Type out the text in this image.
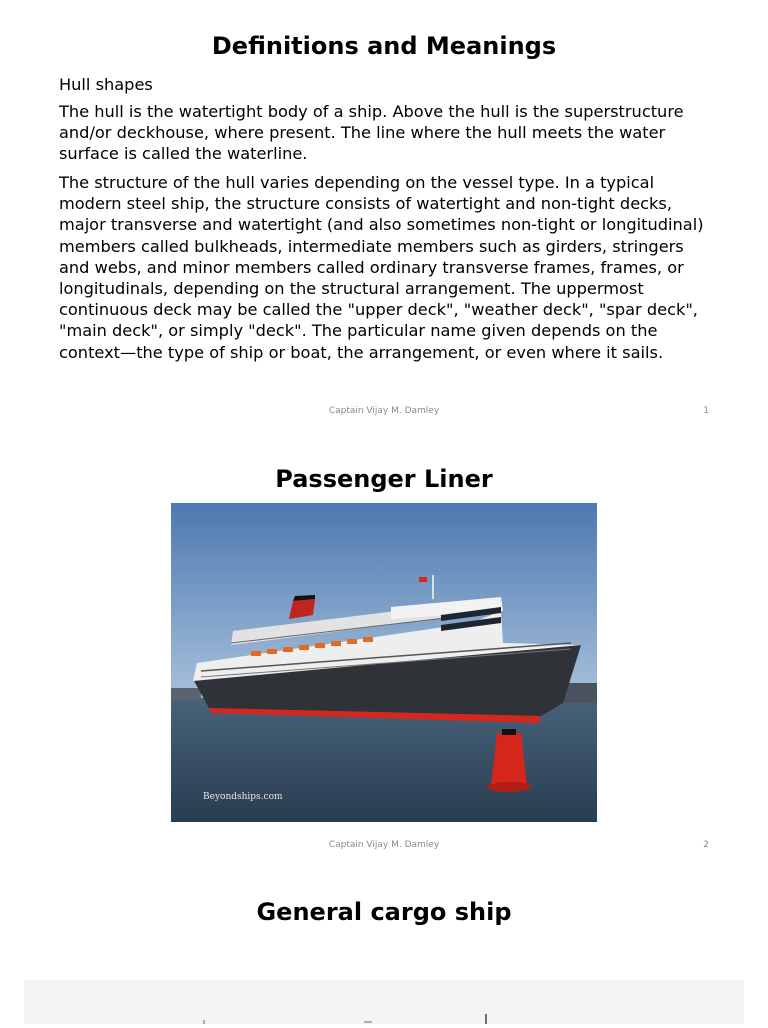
Definitions and Meanings

Hull shapes

The hull is the watertight body of a ship. Above the hull is the superstructure and/or deckhouse, where present. The line where the hull meets the water surface is called the waterline.

The structure of the hull varies depending on the vessel type. In a typical modern steel ship, the structure consists of watertight and non-tight decks, major transverse and watertight (and also sometimes non-tight or longitudinal) members called bulkheads, intermediate members such as girders, stringers and webs, and minor members called ordinary transverse frames, frames, or longitudinals, depending on the structural arrangement. The uppermost continuous deck may be called the "upper deck", "weather deck", "spar deck", "main deck", or simply "deck". The particular name given depends on the context—the type of ship or boat, the arrangement, or even where it sails.

Captain Vijay M. Damley	1
Passenger Liner
Beyondships.com
Captain Vijay M. Damley	2
General cargo ship
